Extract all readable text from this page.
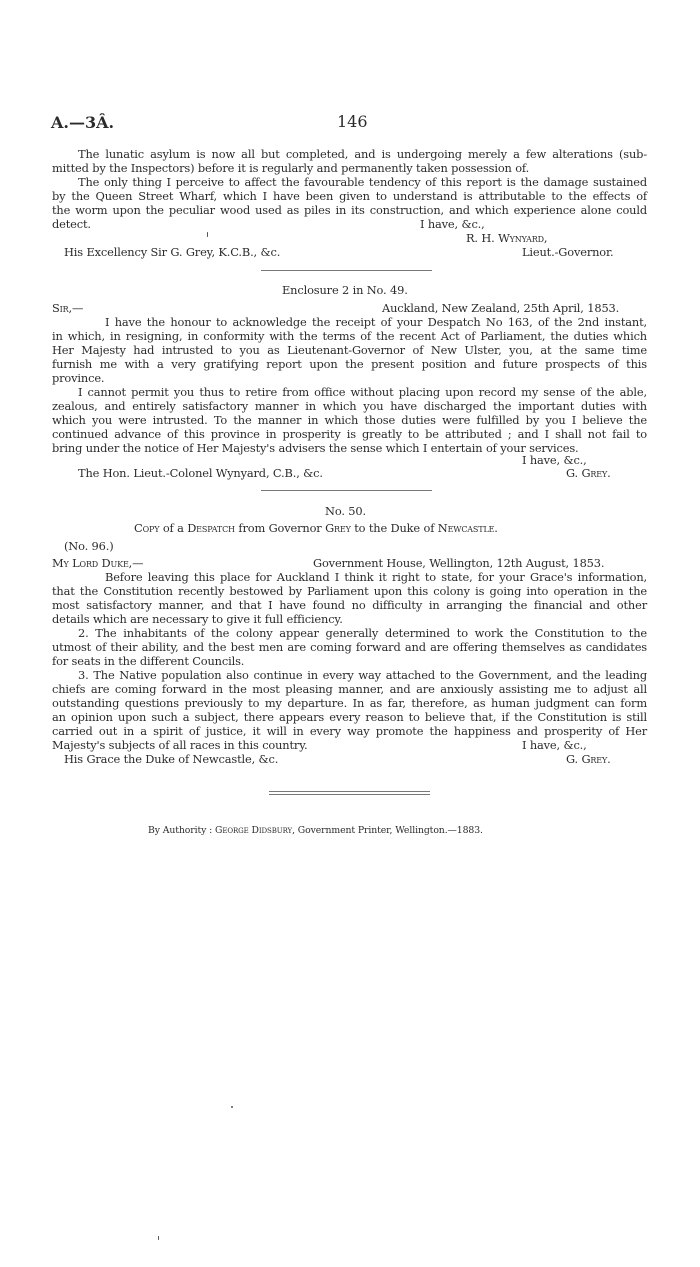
A.—3Â.	146
The lunatic asylum is now all but completed, and is undergoing merely a few alterations (sub-
mitted by the Inspectors) before it is regularly and permanently taken possession of.
The only thing I perceive to affect the favourable tendency of this report is the damage sustained
by the Queen Street Wharf, which I have been given to understand is attributable to the effects of
the worm upon the peculiar wood used as piles in its construction, and which experience alone could
detect.	I have, &c.,
R. H. Wynyard,
His Excellency Sir G. Grey, K.C.B., &c.	Lieut.-Governor.
Enclosure 2 in No. 49.
Sir,—	Auckland, New Zealand, 25th April, 1853.
I have the honour to acknowledge the receipt of your Despatch No 163, of the 2nd instant,
in which, in resigning, in conformity with the terms of the recent Act of Parliament, the duties which
Her Majesty had intrusted to you as Lieutenant-Governor of New Ulster, you, at the same time
furnish me with a very gratifying report upon the present position and future prospects of this
province.
I cannot permit you thus to retire from office without placing upon record my sense of the able,
zealous, and entirely satisfactory manner in which you have discharged the important duties with
which you were intrusted. To the manner in which those duties were fulfilled by you I believe the
continued advance of this province in prosperity is greatly to be attributed ; and I shall not fail to
bring under the notice of Her Majesty's advisers the sense which I entertain of your services.
I have, &c.,
The Hon. Lieut.-Colonel Wynyard, C.B., &c.	G. Grey.
No. 50.
Copy of a Despatch from Governor Grey to the Duke of Newcastle.
(No. 96.)
My Lord Duke,—	Government House, Wellington, 12th August, 1853.
Before leaving this place for Auckland I think it right to state, for your Grace's information,
that the Constitution recently bestowed by Parliament upon this colony is going into operation in the
most satisfactory manner, and that I have found no difficulty in arranging the financial and other
details which are necessary to give it full efficiency.
2. The inhabitants of the colony appear generally determined to work the Constitution to the
utmost of their ability, and the best men are coming forward and are offering themselves as candidates
for seats in the different Councils.
3. The Native population also continue in every way attached to the Government, and the leading
chiefs are coming forward in the most pleasing manner, and are anxiously assisting me to adjust all
outstanding questions previously to my departure. In as far, therefore, as human judgment can form
an opinion upon such a subject, there appears every reason to believe that, if the Constitution is still
carried out in a spirit of justice, it will in every way promote the happiness and prosperity of Her
Majesty's subjects of all races in this country.	I have, &c.,
His Grace the Duke of Newcastle, &c.	G. Grey.
By Authority : George Didsbury, Government Printer, Wellington.—1883.
